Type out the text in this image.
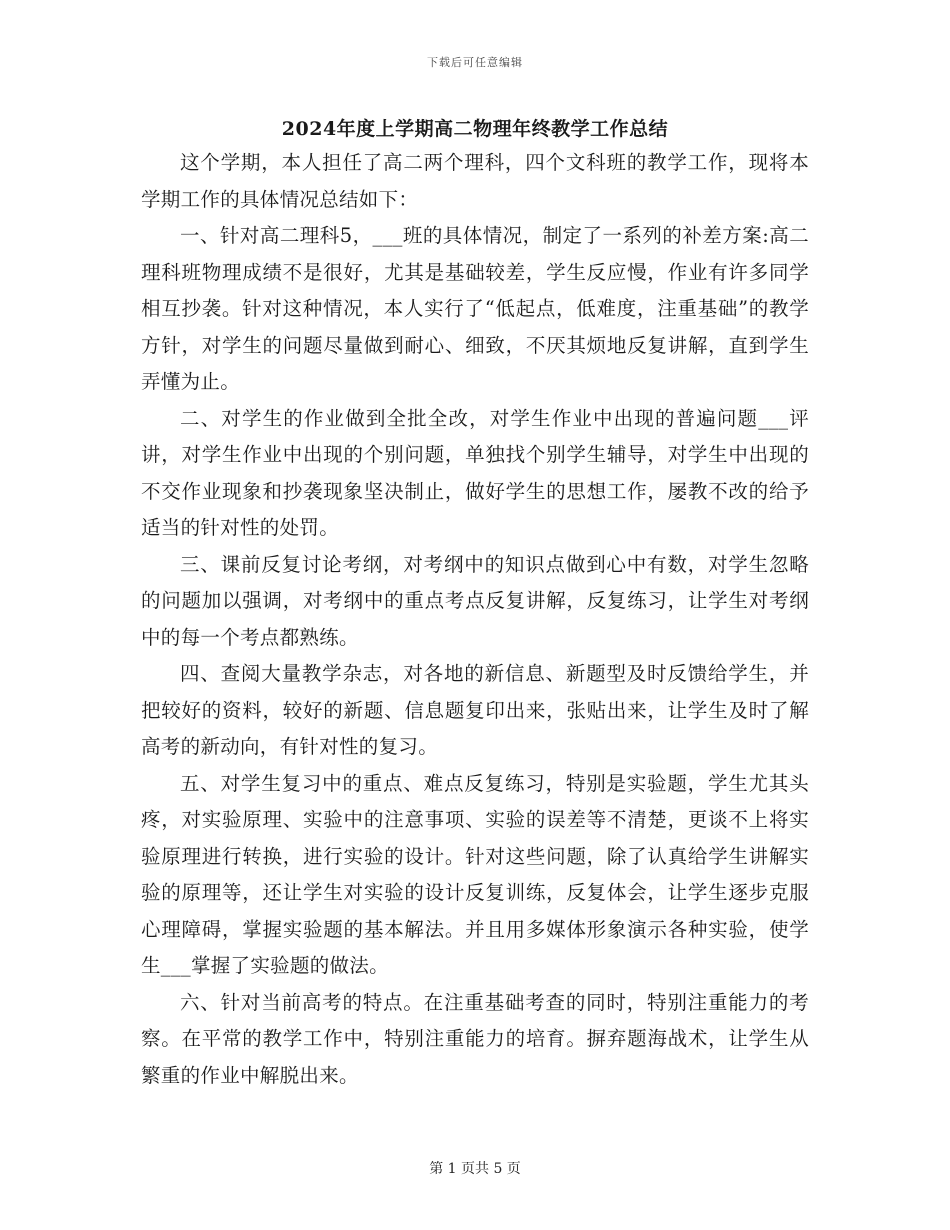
下载后可任意编辑
2024年度上学期高二物理年终教学工作总结

这个学期，本人担任了高二两个理科，四个文科班的教学工作，现将本学期工作的具体情况总结如下：

一、针对高二理科5，___班的具体情况，制定了一系列的补差方案:高二理科班物理成绩不是很好，尤其是基础较差，学生反应慢，作业有许多同学相互抄袭。针对这种情况，本人实行了“低起点，低难度，注重基础”的教学方针，对学生的问题尽量做到耐心、细致，不厌其烦地反复讲解，直到学生弄懂为止。

二、对学生的作业做到全批全改，对学生作业中出现的普遍问题___评讲，对学生作业中出现的个别问题，单独找个别学生辅导，对学生中出现的不交作业现象和抄袭现象坚决制止，做好学生的思想工作，屡教不改的给予适当的针对性的处罚。

三、课前反复讨论考纲，对考纲中的知识点做到心中有数，对学生忽略的问题加以强调，对考纲中的重点考点反复讲解，反复练习，让学生对考纲中的每一个考点都熟练。

四、查阅大量教学杂志，对各地的新信息、新题型及时反馈给学生，并把较好的资料，较好的新题、信息题复印出来，张贴出来，让学生及时了解高考的新动向，有针对性的复习。

五、对学生复习中的重点、难点反复练习，特别是实验题，学生尤其头疼，对实验原理、实验中的注意事项、实验的误差等不清楚，更谈不上将实验原理进行转换，进行实验的设计。针对这些问题，除了认真给学生讲解实验的原理等，还让学生对实验的设计反复训练，反复体会，让学生逐步克服心理障碍，掌握实验题的基本解法。并且用多媒体形象演示各种实验，使学生___掌握了实验题的做法。

六、针对当前高考的特点。在注重基础考查的同时，特别注重能力的考察。在平常的教学工作中，特别注重能力的培育。摒弃题海战术，让学生从繁重的作业中解脱出来。

第 1 页共 5 页
